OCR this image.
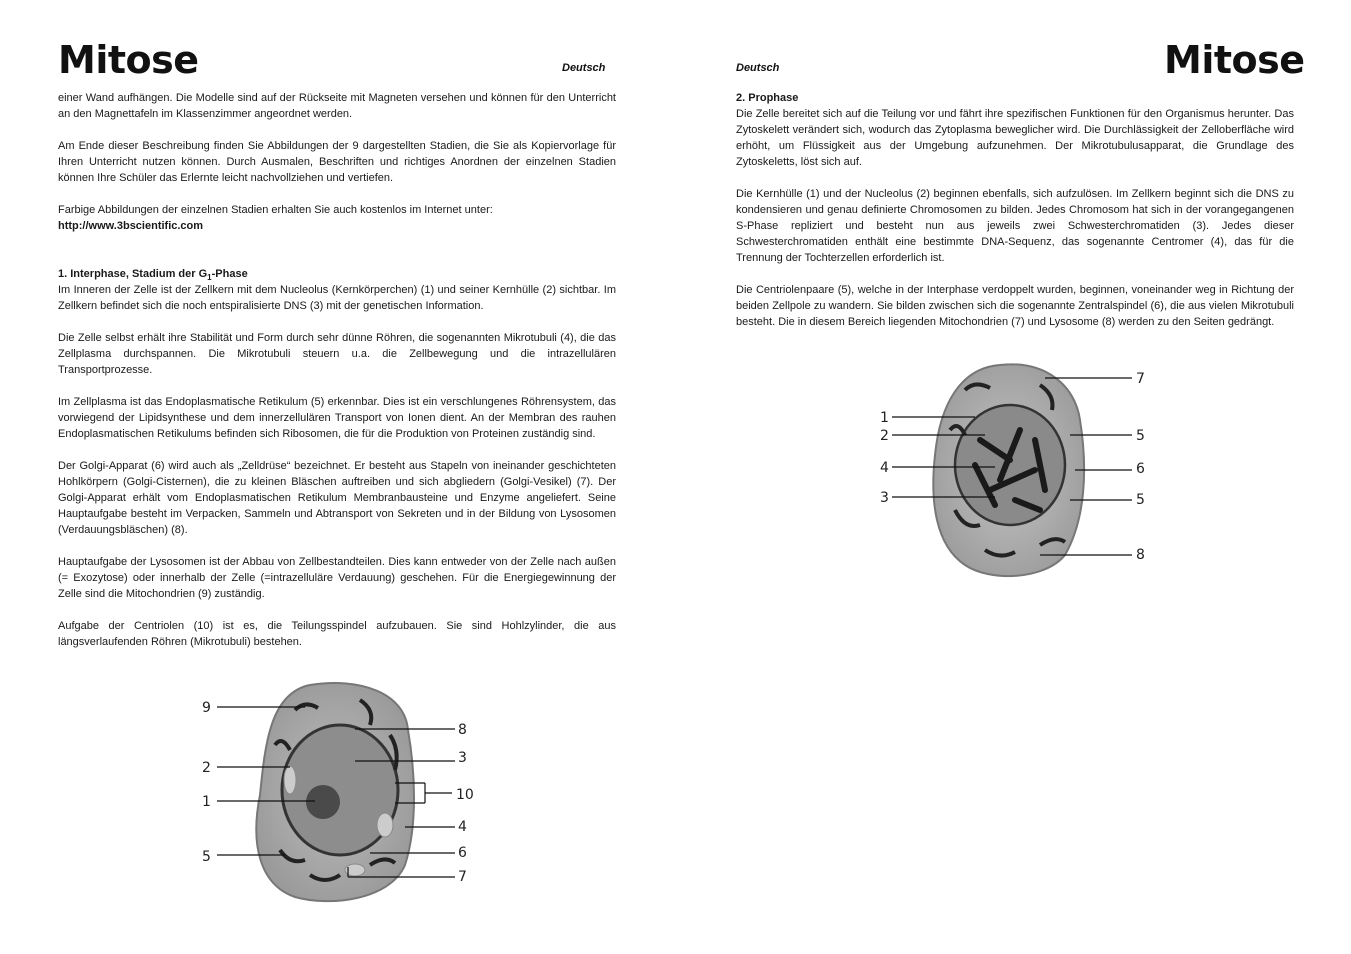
Mitose	Deutsch

einer Wand aufhängen. Die Modelle sind auf der Rückseite mit Magneten versehen und können für den Unterricht an den Magnettafeln im Klassenzimmer angeordnet werden.

Am Ende dieser Beschreibung finden Sie Abbildungen der 9 dargestellten Stadien, die Sie als Kopiervorlage für Ihren Unterricht nutzen können. Durch Ausmalen, Beschriften und richtiges Anordnen der einzelnen Stadien können Ihre Schüler das Erlernte leicht nachvollziehen und vertiefen.

Farbige Abbildungen der einzelnen Stadien erhalten Sie auch kostenlos im Internet unter:

http://www.3bscientific.com
1. Interphase, Stadium der $G_1$-Phase

Im Inneren der Zelle ist der Zellkern mit dem Nucleolus (Kernkörperchen) (1) und seiner Kernhülle (2) sichtbar. Im Zellkern befindet sich die noch entspiralisierte DNS (3) mit der genetischen Information.

Die Zelle selbst erhält ihre Stabilität und Form durch sehr dünne Röhren, die sogenannten Mikrotubuli (4), die das Zellplasma durchspannen. Die Mikrotubuli steuern u.a. die Zellbewegung und die intrazellulären Transportprozesse.

Im Zellplasma ist das Endoplasmatische Retikulum (5) erkennbar. Dies ist ein verschlungenes Röhrensystem, das vorwiegend der Lipidsynthese und dem innerzellulären Transport von Ionen dient. An der Membran des rauhen Endoplasmatischen Retikulums befinden sich Ribosomen, die für die Produktion von Proteinen zuständig sind.

Der Golgi-Apparat (6) wird auch als „Zelldrüse“ bezeichnet. Er besteht aus Stapeln von ineinander geschichteten Hohlkörpern (Golgi-Cisternen), die zu kleinen Bläschen auftreiben und sich abgliedern (Golgi-Vesikel) (7). Der Golgi-Apparat erhält vom Endoplasmatischen Retikulum Membranbausteine und Enzyme angeliefert. Seine Hauptaufgabe besteht im Verpacken, Sammeln und Abtransport von Sekreten und in der Bildung von Lysosomen (Verdauungsbläschen) (8).

Hauptaufgabe der Lysosomen ist der Abbau von Zellbestandteilen. Dies kann entweder von der Zelle nach außen (= Exozytose) oder innerhalb der Zelle (=intrazelluläre Verdauung) geschehen. Für die Energiegewinnung der Zelle sind die Mitochondrien (9) zuständig.

Aufgabe der Centriolen (10) ist es, die Teilungsspindel aufzubauen. Sie sind Hohlzylinder, die aus längsverlaufenden Röhren (Mikrotubuli) bestehen.

9
2
1
5
8
3
10
4
6
7
Deutsch	Mitose
2. Prophase

Die Zelle bereitet sich auf die Teilung vor und fährt ihre spezifischen Funktionen für den Organismus herunter. Das Zytoskelett verändert sich, wodurch das Zytoplasma beweglicher wird. Die Durchlässigkeit der Zelloberfläche wird erhöht, um Flüssigkeit aus der Umgebung aufzunehmen. Der Mikrotubulusapparat, die Grundlage des Zytoskeletts, löst sich auf.

Die Kernhülle (1) und der Nucleolus (2) beginnen ebenfalls, sich aufzulösen. Im Zellkern beginnt sich die DNS zu kondensieren und genau definierte Chromosomen zu bilden. Jedes Chromosom hat sich in der vorangegangenen S-Phase repliziert und besteht nun aus jeweils zwei Schwesterchromatiden (3). Jedes dieser Schwesterchromatiden enthält eine bestimmte DNA-Sequenz, das sogenannte Centromer (4), das für die Trennung der Tochterzellen erforderlich ist.

Die Centriolenpaare (5), welche in der Interphase verdoppelt wurden, beginnen, voneinander weg in Richtung der beiden Zellpole zu wandern. Sie bilden zwischen sich die sogenannte Zentralspindel (6), die aus vielen Mikrotubuli besteht. Die in diesem Bereich liegenden Mitochondrien (7) und Lysosome (8) werden zu den Seiten gedrängt.

1
2
4
3
7
5
6
5
8
